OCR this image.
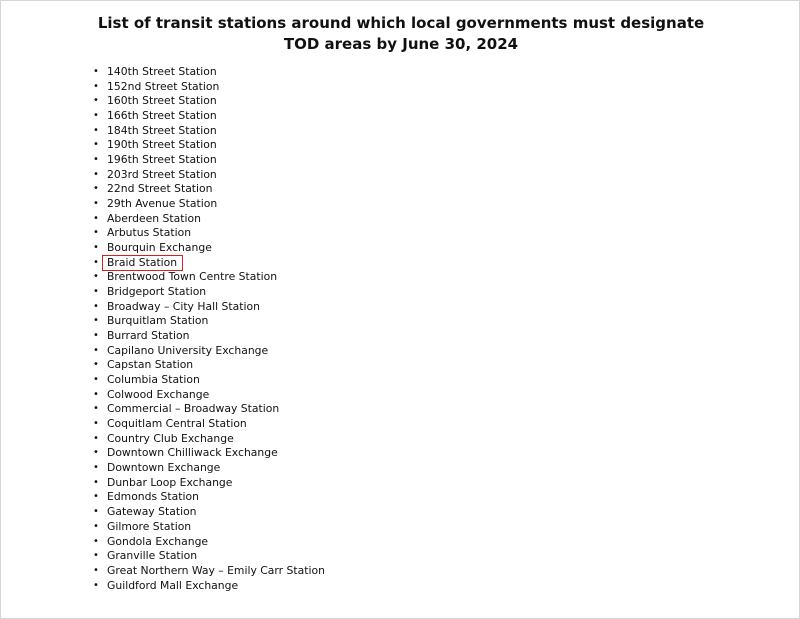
List of transit stations around which local governments must designate
TOD areas by June 30, 2024
• 140th Street Station
• 152nd Street Station
• 160th Street Station
• 166th Street Station
• 184th Street Station
• 190th Street Station
• 196th Street Station
• 203rd Street Station
• 22nd Street Station
• 29th Avenue Station
• Aberdeen Station
• Arbutus Station
• Bourquin Exchange
• Braid Station
• Brentwood Town Centre Station
• Bridgeport Station
• Broadway – City Hall Station
• Burquitlam Station
• Burrard Station
• Capilano University Exchange
• Capstan Station
• Columbia Station
• Colwood Exchange
• Commercial – Broadway Station
• Coquitlam Central Station
• Country Club Exchange
• Downtown Chilliwack Exchange
• Downtown Exchange
• Dunbar Loop Exchange
• Edmonds Station
• Gateway Station
• Gilmore Station
• Gondola Exchange
• Granville Station
• Great Northern Way – Emily Carr Station
• Guildford Mall Exchange
